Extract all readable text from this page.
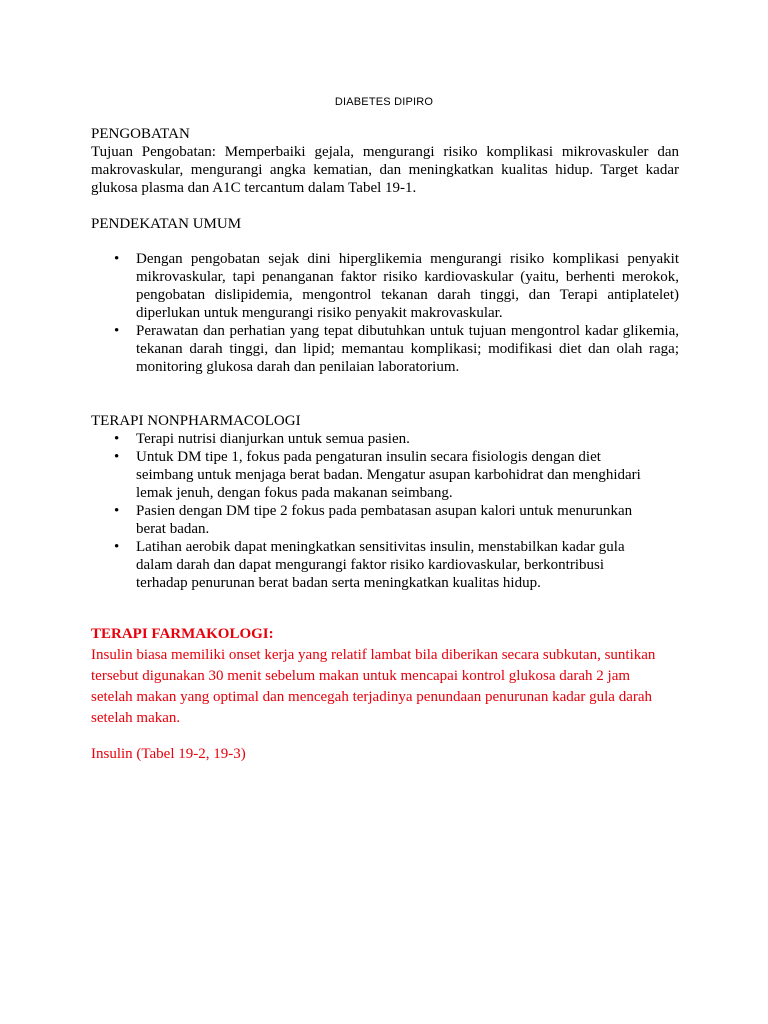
DIABETES DIPIRO
PENGOBATAN

Tujuan Pengobatan: Memperbaiki gejala, mengurangi risiko komplikasi mikrovaskuler dan makrovaskular, mengurangi angka kematian, dan meningkatkan kualitas hidup. Target kadar glukosa plasma dan A1C tercantum dalam Tabel 19-1.

PENDEKATAN UMUM
• Dengan pengobatan sejak dini hiperglikemia mengurangi risiko komplikasi penyakit mikrovaskular, tapi penanganan faktor risiko kardiovaskular (yaitu, berhenti merokok, pengobatan dislipidemia, mengontrol tekanan darah tinggi, dan Terapi antiplatelet) diperlukan untuk mengurangi risiko penyakit makrovaskular.
• Perawatan dan perhatian yang tepat dibutuhkan untuk tujuan mengontrol kadar glikemia, tekanan darah tinggi, dan lipid; memantau komplikasi; modifikasi diet dan olah raga; monitoring glukosa darah dan penilaian laboratorium.
TERAPI NONPHARMACOLOGI
• Terapi nutrisi dianjurkan untuk semua pasien.
• Untuk DM tipe 1, fokus pada pengaturan insulin secara fisiologis dengan diet seimbang untuk menjaga berat badan. Mengatur asupan karbohidrat dan menghidari lemak jenuh, dengan fokus pada makanan seimbang.
• Pasien dengan DM tipe 2 fokus pada pembatasan asupan kalori untuk menurunkan berat badan.
• Latihan aerobik dapat meningkatkan sensitivitas insulin, menstabilkan kadar gula dalam darah dan dapat mengurangi faktor risiko kardiovaskular, berkontribusi terhadap penurunan berat badan serta meningkatkan kualitas hidup.
TERAPI FARMAKOLOGI:

Insulin biasa memiliki onset kerja yang relatif lambat bila diberikan secara subkutan, suntikan tersebut digunakan 30 menit sebelum makan untuk mencapai kontrol glukosa darah 2 jam setelah makan yang optimal dan mencegah terjadinya penundaan penurunan kadar gula darah setelah makan.

Insulin (Tabel 19-2, 19-3)
